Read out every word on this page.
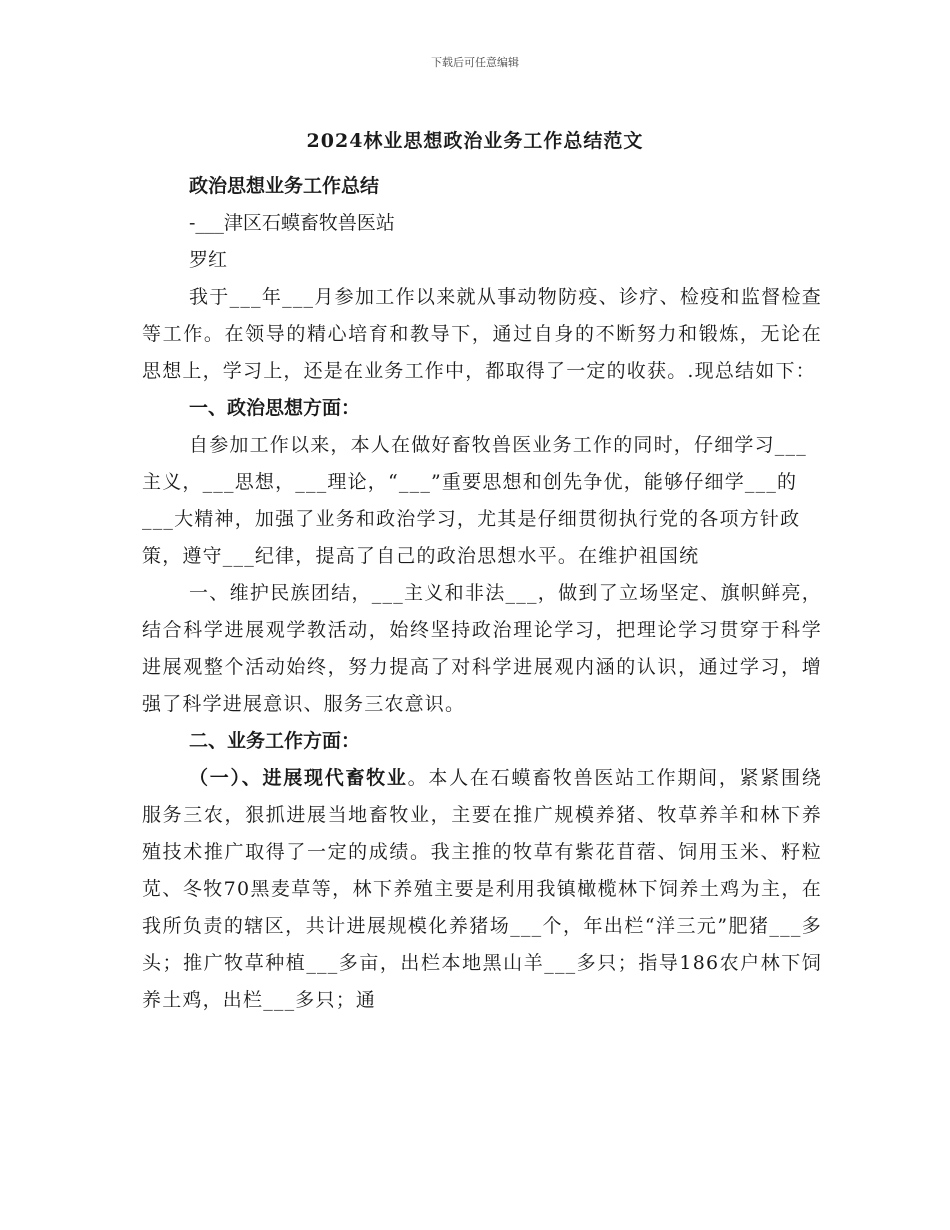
下载后可任意编辑
2024林业思想政治业务工作总结范文

政治思想业务工作总结

-___津区石蟆畜牧兽医站

罗红

我于___年___月参加工作以来就从事动物防疫、诊疗、检疫和监督检查等工作。在领导的精心培育和教导下，通过自身的不断努力和锻炼，无论在思想上，学习上，还是在业务工作中，都取得了一定的收获。.现总结如下：

一、政治思想方面：

自参加工作以来，本人在做好畜牧兽医业务工作的同时，仔细学习___主义，___思想，___理论，“___”重要思想和创先争优，能够仔细学___的___大精神，加强了业务和政治学习，尤其是仔细贯彻执行党的各项方针政策，遵守___纪律，提高了自己的政治思想水平。在维护祖国统

一、维护民族团结，___主义和非法___，做到了立场坚定、旗帜鲜亮，结合科学进展观学教活动，始终坚持政治理论学习，把理论学习贯穿于科学进展观整个活动始终，努力提高了对科学进展观内涵的认识，通过学习，增强了科学进展意识、服务三农意识。

二、业务工作方面：

（一）、进展现代畜牧业。本人在石蟆畜牧兽医站工作期间，紧紧围绕服务三农，狠抓进展当地畜牧业，主要在推广规模养猪、牧草养羊和林下养殖技术推广取得了一定的成绩。我主推的牧草有紫花苜蓿、饲用玉米、籽粒苋、冬牧70黑麦草等，林下养殖主要是利用我镇橄榄林下饲养土鸡为主，在我所负责的辖区，共计进展规模化养猪场___个，年出栏“洋三元”肥猪___多头；推广牧草种植___多亩，出栏本地黑山羊___多只；指导186农户林下饲养土鸡，出栏___多只；通
